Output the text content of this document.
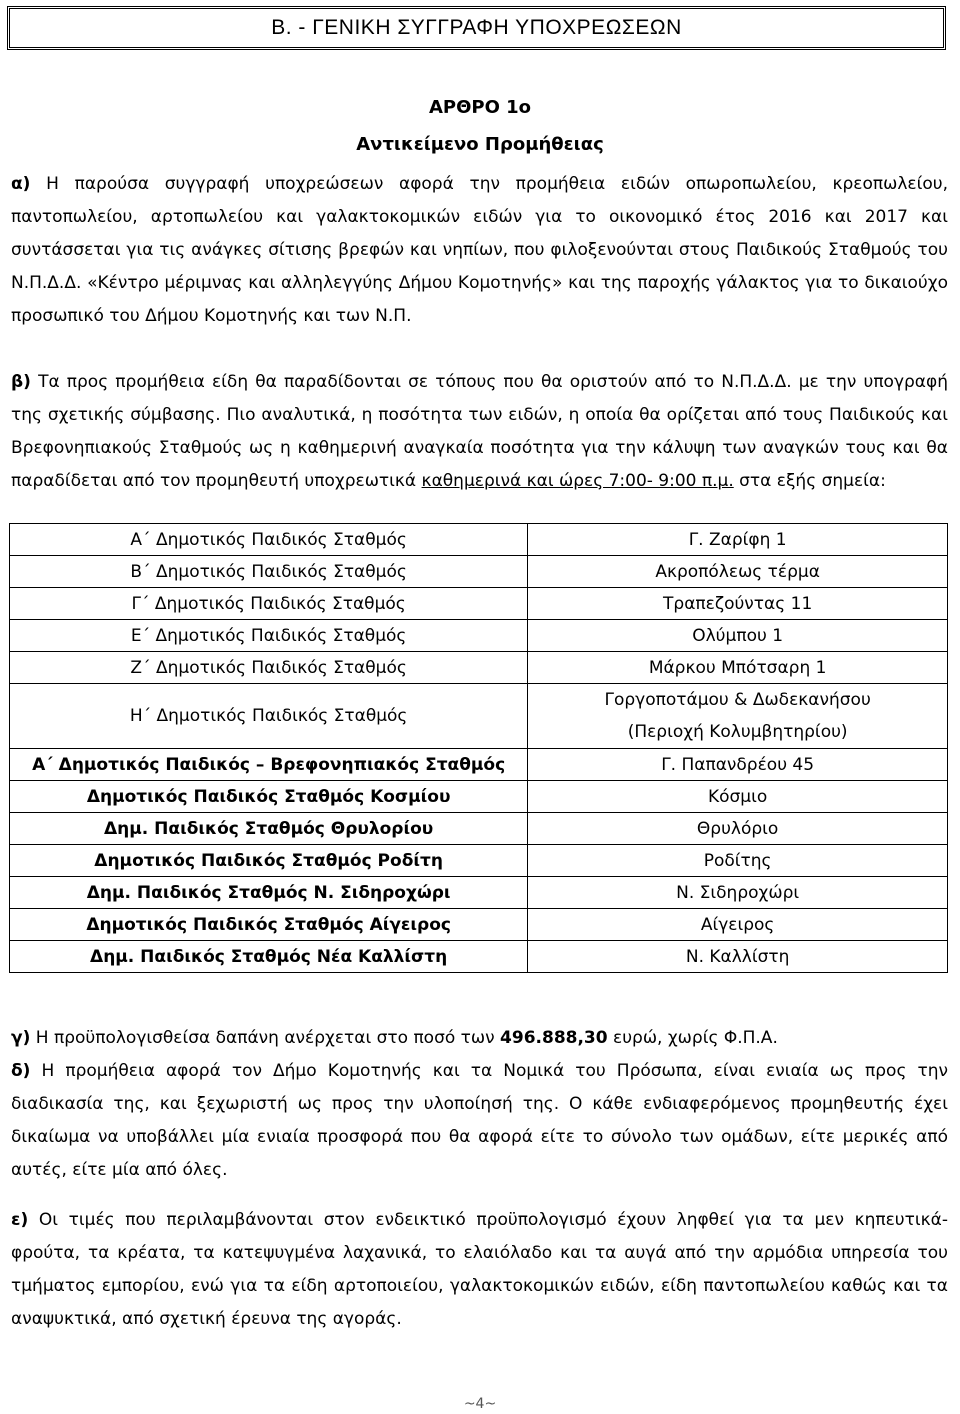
Β. - ΓΕΝΙΚΗ ΣΥΓΓΡΑΦΗ ΥΠΟΧΡΕΩΣΕΩΝ
ΑΡΘΡΟ 1ο
Αντικείμενο Προμήθειας

α) Η παρούσα συγγραφή υποχρεώσεων αφορά την προμήθεια ειδών οπωροπωλείου, κρεοπωλείου, παντοπωλείου, αρτοπωλείου και γαλακτοκομικών ειδών για το οικονομικό έτος 2016 και 2017 και συντάσσεται για τις ανάγκες σίτισης βρεφών και νηπίων, που φιλοξενούνται στους Παιδικούς Σταθμούς του Ν.Π.Δ.Δ. «Κέντρο μέριμνας και αλληλεγγύης Δήμου Κομοτηνής» και της παροχής γάλακτος για το δικαιούχο προσωπικό του Δήμου Κομοτηνής και των Ν.Π.

β) Τα προς προμήθεια είδη θα παραδίδονται σε τόπους που θα οριστούν από το Ν.Π.Δ.Δ. με την υπογραφή της σχετικής σύμβασης. Πιο αναλυτικά, η ποσότητα των ειδών, η οποία θα ορίζεται από τους Παιδικούς και Βρεφονηπιακούς Σταθμούς ως η καθημερινή αναγκαία ποσότητα για την κάλυψη των αναγκών τους και θα παραδίδεται από τον προμηθευτή υποχρεωτικά καθημερινά και ώρες 7:00- 9:00 π.μ. στα εξής σημεία:

Α΄ Δημοτικός Παιδικός Σταθμός	Γ. Ζαρίφη 1
Β΄ Δημοτικός Παιδικός Σταθμός	Ακροπόλεως τέρμα
Γ΄ Δημοτικός Παιδικός Σταθμός	Τραπεζούντας 11
Ε΄ Δημοτικός Παιδικός Σταθμός	Ολύμπου 1
Ζ΄ Δημοτικός Παιδικός Σταθμός	Μάρκου Μπότσαρη 1
Η΄ Δημοτικός Παιδικός Σταθμός	Γοργοποτάμου & Δωδεκανήσου
(Περιοχή Κολυμβητηρίου)

Α΄ Δημοτικός Παιδικός – Βρεφονηπιακός Σταθμός	Γ. Παπανδρέου 45
Δημοτικός Παιδικός Σταθμός Κοσμίου	Κόσμιο
Δημ. Παιδικός Σταθμός Θρυλορίου	Θρυλόριο
Δημοτικός Παιδικός Σταθμός Ροδίτη	Ροδίτης
Δημ. Παιδικός Σταθμός Ν. Σιδηροχώρι	Ν. Σιδηροχώρι
Δημοτικός Παιδικός Σταθμός Αίγειρος	Αίγειρος
Δημ. Παιδικός Σταθμός Νέα Καλλίστη	Ν. Καλλίστη

γ) Η προϋπολογισθείσα δαπάνη ανέρχεται στο ποσό των 496.888,30 ευρώ, χωρίς Φ.Π.Α.

δ) Η προμήθεια αφορά τον Δήμο Κομοτηνής και τα Νομικά του Πρόσωπα, είναι ενιαία ως προς την διαδικασία της, και ξεχωριστή ως προς την υλοποίησή της. Ο κάθε ενδιαφερόμενος προμηθευτής έχει δικαίωμα να υποβάλλει μία ενιαία προσφορά που θα αφορά είτε το σύνολο των ομάδων, είτε μερικές από αυτές, είτε μία από όλες.

ε) Οι τιμές που περιλαμβάνονται στον ενδεικτικό προϋπολογισμό έχουν ληφθεί για τα μεν κηπευτικά-φρούτα, τα κρέατα, τα κατεψυγμένα λαχανικά, το ελαιόλαδο και τα αυγά από την αρμόδια υπηρεσία του τμήματος εμπορίου, ενώ για τα είδη αρτοποιείου, γαλακτοκομικών ειδών, είδη παντοπωλείου καθώς και τα αναψυκτικά, από σχετική έρευνα της αγοράς.

~4~
